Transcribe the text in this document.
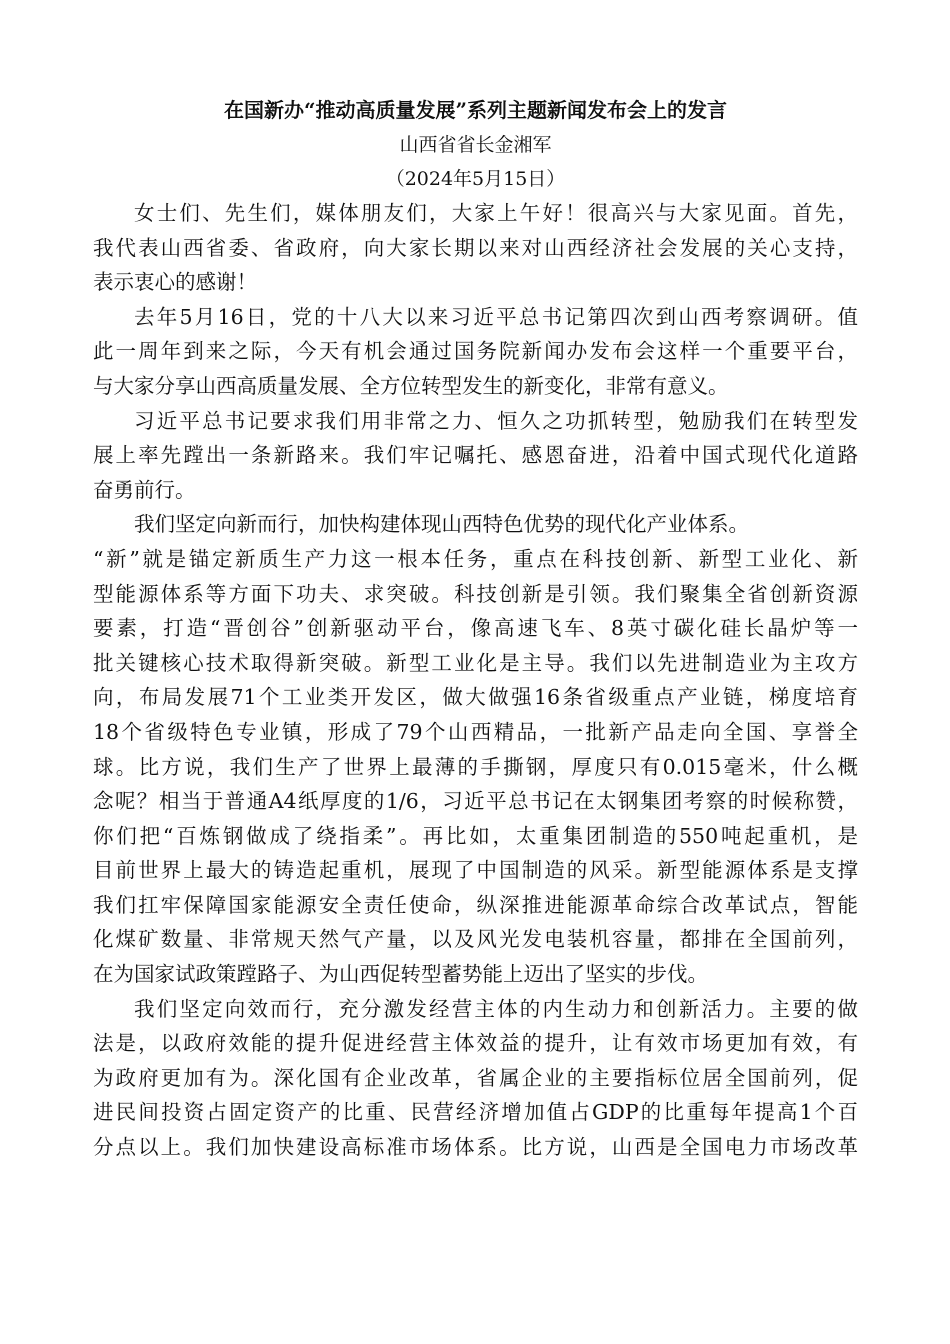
在国新办“推动高质量发展”系列主题新闻发布会上的发言
山西省省长金湘军
（2024年5月15日）
女士们、先生们，媒体朋友们，大家上午好！很高兴与大家见面。首先，
我代表山西省委、省政府，向大家长期以来对山西经济社会发展的关心支持，
表示衷心的感谢！
去年5月16日，党的十八大以来习近平总书记第四次到山西考察调研。值
此一周年到来之际，今天有机会通过国务院新闻办发布会这样一个重要平台，
与大家分享山西高质量发展、全方位转型发生的新变化，非常有意义。
习近平总书记要求我们用非常之力、恒久之功抓转型，勉励我们在转型发
展上率先蹚出一条新路来。我们牢记嘱托、感恩奋进，沿着中国式现代化道路
奋勇前行。
我们坚定向新而行，加快构建体现山西特色优势的现代化产业体系。
“新”就是锚定新质生产力这一根本任务，重点在科技创新、新型工业化、新
型能源体系等方面下功夫、求突破。科技创新是引领。我们聚集全省创新资源
要素，打造“晋创谷”创新驱动平台，像高速飞车、8英寸碳化硅长晶炉等一
批关键核心技术取得新突破。新型工业化是主导。我们以先进制造业为主攻方
向，布局发展71个工业类开发区，做大做强16条省级重点产业链，梯度培育
18个省级特色专业镇，形成了79个山西精品，一批新产品走向全国、享誉全
球。比方说，我们生产了世界上最薄的手撕钢，厚度只有0.015毫米，什么概
念呢？相当于普通A4纸厚度的1/6，习近平总书记在太钢集团考察的时候称赞，
你们把“百炼钢做成了绕指柔”。再比如，太重集团制造的550吨起重机，是
目前世界上最大的铸造起重机，展现了中国制造的风采。新型能源体系是支撑
我们扛牢保障国家能源安全责任使命，纵深推进能源革命综合改革试点，智能
化煤矿数量、非常规天然气产量，以及风光发电装机容量，都排在全国前列，
在为国家试政策蹚路子、为山西促转型蓄势能上迈出了坚实的步伐。
我们坚定向效而行，充分激发经营主体的内生动力和创新活力。主要的做
法是，以政府效能的提升促进经营主体效益的提升，让有效市场更加有效，有
为政府更加有为。深化国有企业改革，省属企业的主要指标位居全国前列，促
进民间投资占固定资产的比重、民营经济增加值占GDP的比重每年提高1个百
分点以上。我们加快建设高标准市场体系。比方说，山西是全国电力市场改革
